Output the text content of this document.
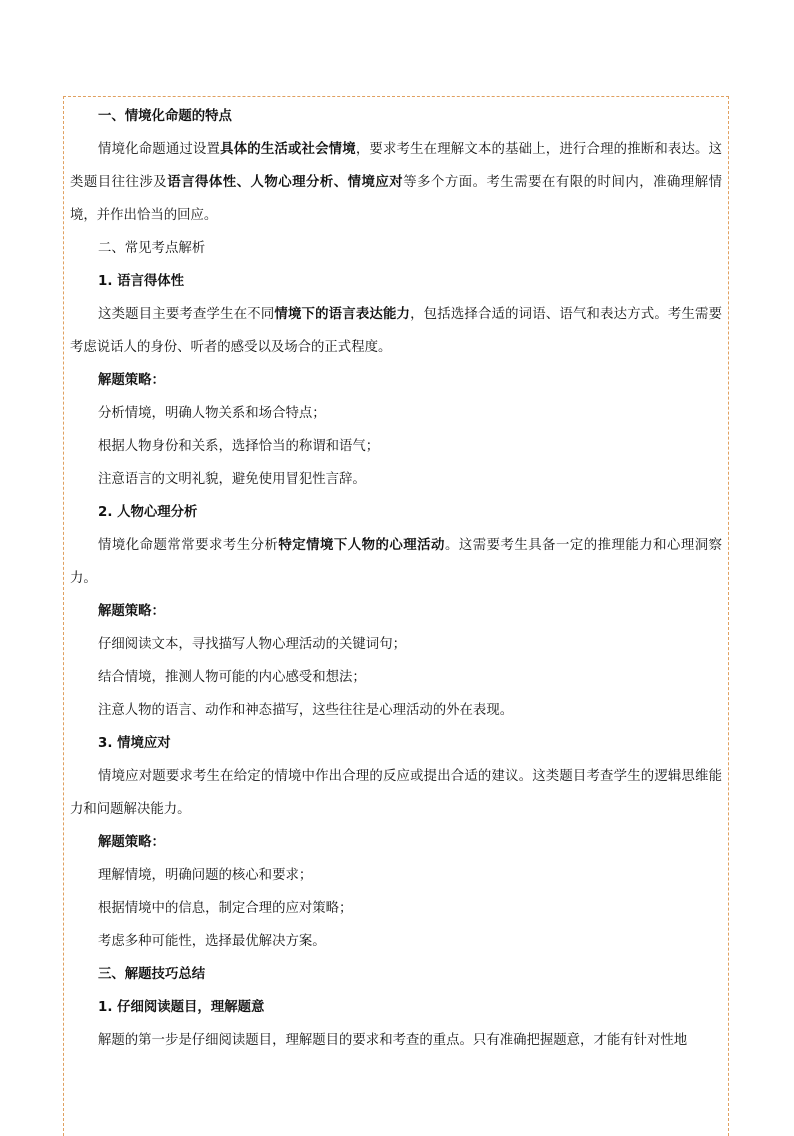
一、情境化命题的特点

情境化命题通过设置具体的生活或社会情境，要求考生在理解文本的基础上，进行合理的推断和表达。这类题目往往涉及语言得体性、人物心理分析、情境应对等多个方面。考生需要在有限的时间内，准确理解情境，并作出恰当的回应。

二、常见考点解析

1. 语言得体性

这类题目主要考查学生在不同情境下的语言表达能力，包括选择合适的词语、语气和表达方式。考生需要考虑说话人的身份、听者的感受以及场合的正式程度。

解题策略：

分析情境，明确人物关系和场合特点；

根据人物身份和关系，选择恰当的称谓和语气；

注意语言的文明礼貌，避免使用冒犯性言辞。

2. 人物心理分析

情境化命题常常要求考生分析特定情境下人物的心理活动。这需要考生具备一定的推理能力和心理洞察力。

解题策略：

仔细阅读文本，寻找描写人物心理活动的关键词句；

结合情境，推测人物可能的内心感受和想法；

注意人物的语言、动作和神态描写，这些往往是心理活动的外在表现。

3. 情境应对

情境应对题要求考生在给定的情境中作出合理的反应或提出合适的建议。这类题目考查学生的逻辑思维能力和问题解决能力。

解题策略：

理解情境，明确问题的核心和要求；

根据情境中的信息，制定合理的应对策略；

考虑多种可能性，选择最优解决方案。

三、解题技巧总结

1. 仔细阅读题目，理解题意

解题的第一步是仔细阅读题目，理解题目的要求和考查的重点。只有准确把握题意，才能有针对性地
